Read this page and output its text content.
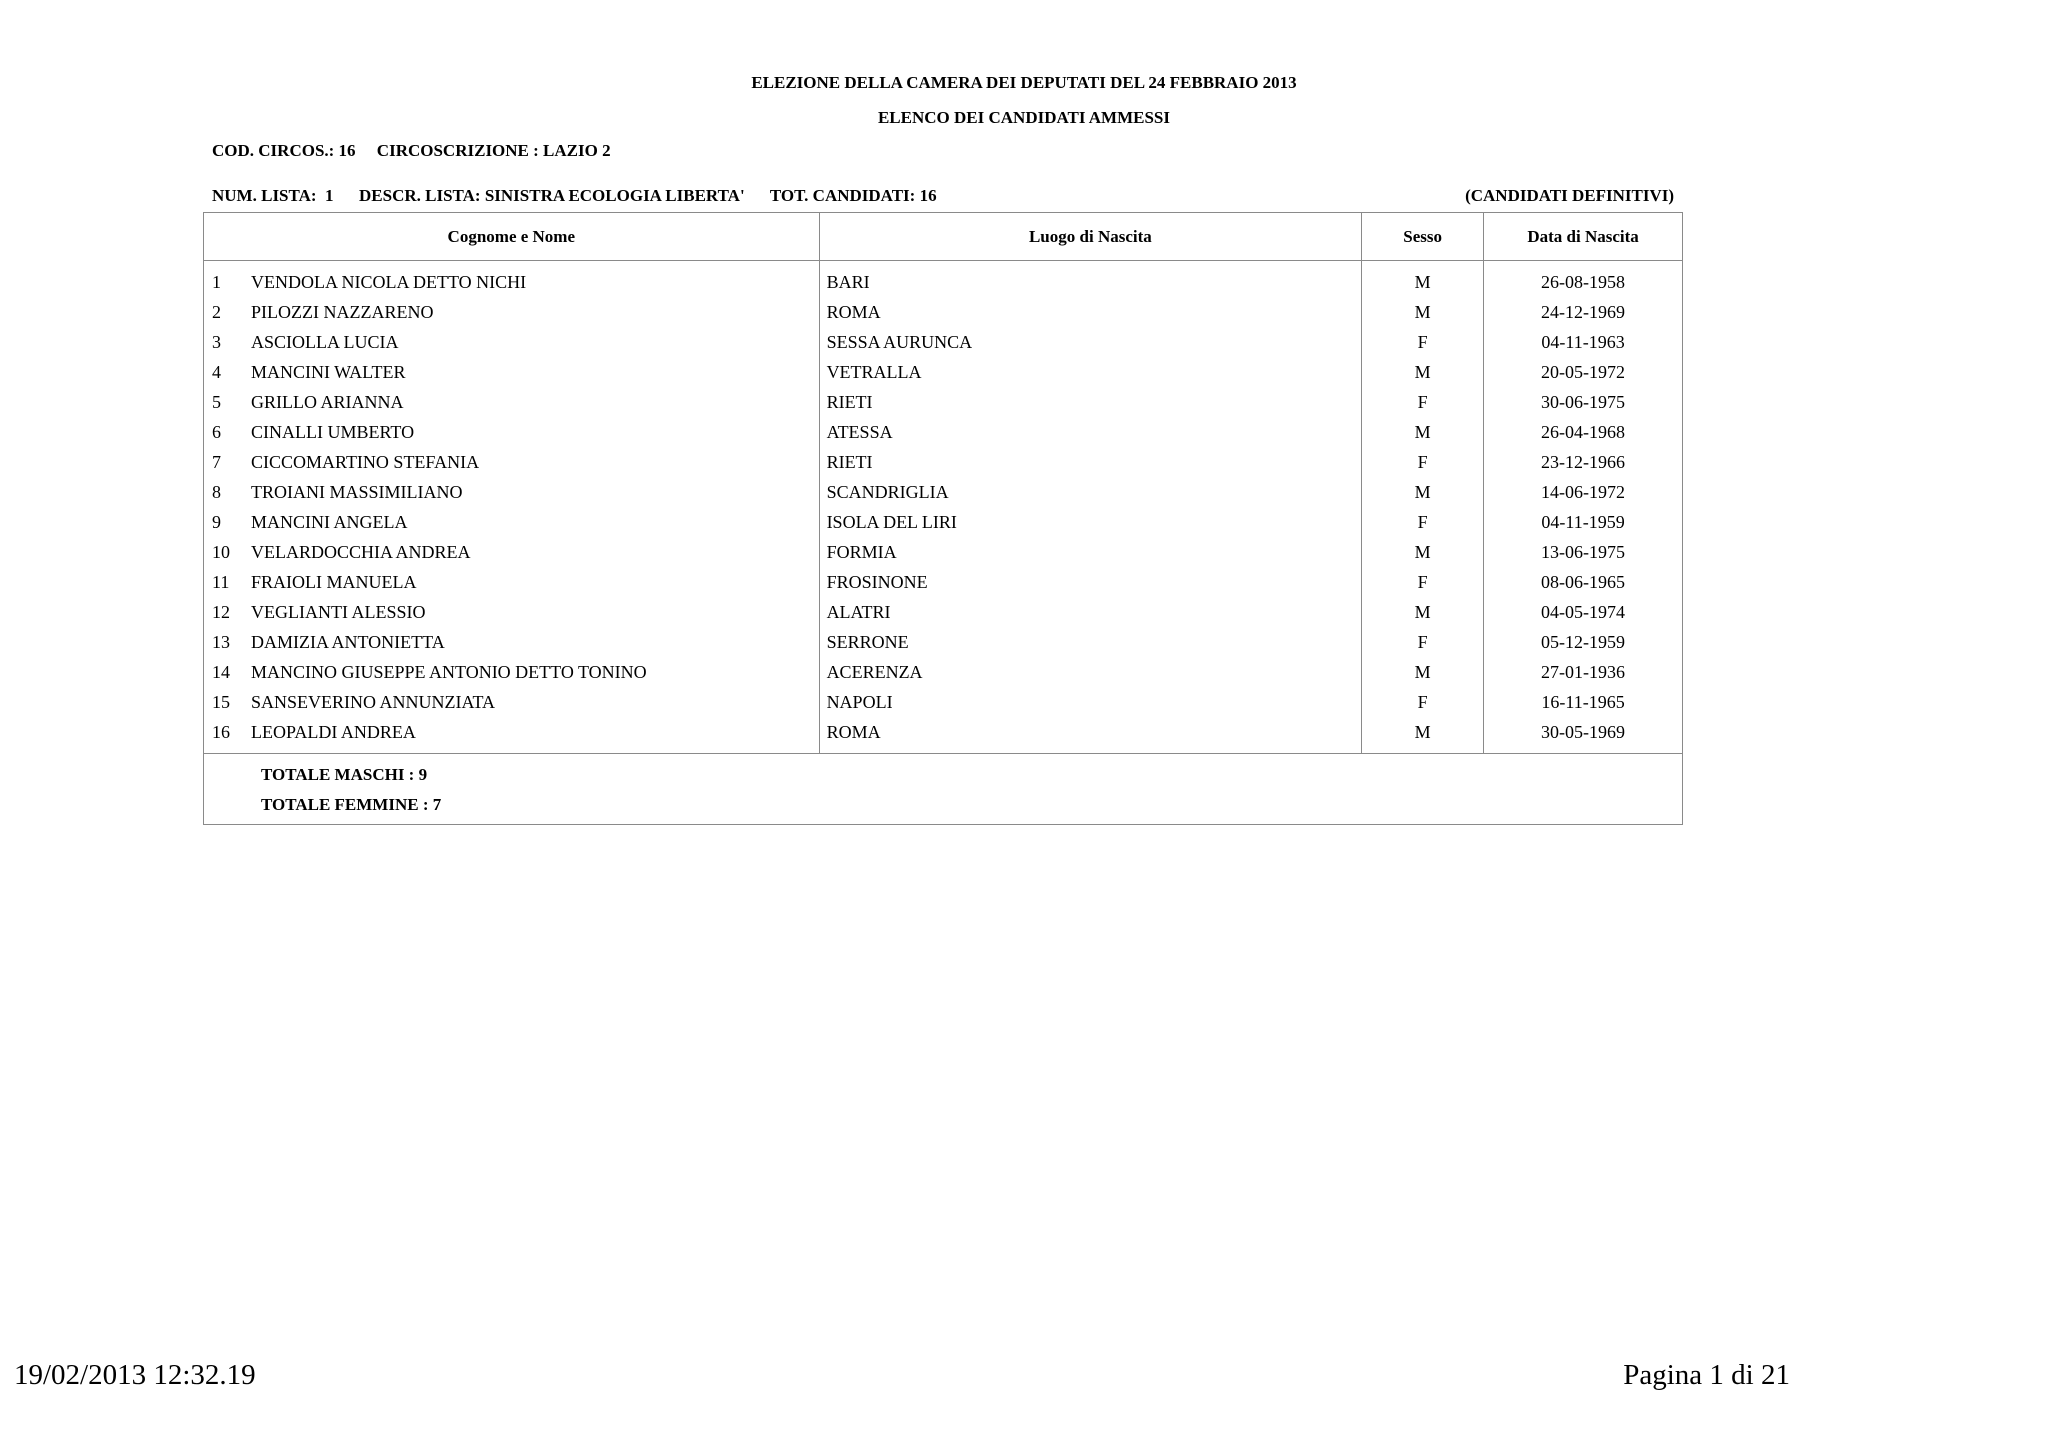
ELEZIONE DELLA CAMERA DEI DEPUTATI DEL 24 FEBBRAIO 2013
ELENCO DEI CANDIDATI AMMESSI
COD. CIRCOS.: 16     CIRCOSCRIZIONE : LAZIO 2
NUM. LISTA:  1      DESCR. LISTA: SINISTRA ECOLOGIA LIBERTA'      TOT. CANDIDATI: 16	(CANDIDATI DEFINITIVI)
Cognome e Nome	Luogo di Nascita	Sesso	Data di Nascita
1 VENDOLA NICOLA DETTO NICHI	BARI	M	26-08-1958
2 PILOZZI NAZZARENO	ROMA	M	24-12-1969
3 ASCIOLLA LUCIA	SESSA AURUNCA	F	04-11-1963
4 MANCINI WALTER	VETRALLA	M	20-05-1972
5 GRILLO ARIANNA	RIETI	F	30-06-1975
6 CINALLI UMBERTO	ATESSA	M	26-04-1968
7 CICCOMARTINO STEFANIA	RIETI	F	23-12-1966
8 TROIANI MASSIMILIANO	SCANDRIGLIA	M	14-06-1972
9 MANCINI ANGELA	ISOLA DEL LIRI	F	04-11-1959
10 VELARDOCCHIA ANDREA	FORMIA	M	13-06-1975
11 FRAIOLI MANUELA	FROSINONE	F	08-06-1965
12 VEGLIANTI ALESSIO	ALATRI	M	04-05-1974
13 DAMIZIA ANTONIETTA	SERRONE	F	05-12-1959
14 MANCINO GIUSEPPE ANTONIO DETTO TONINO	ACERENZA	M	27-01-1936
15 SANSEVERINO ANNUNZIATA	NAPOLI	F	16-11-1965
16 LEOPALDI ANDREA	ROMA	M	30-05-1969

TOTALE MASCHI : 9
TOTALE FEMMINE : 7			
19/02/2013 12:32.19	Pagina 1 di 21
